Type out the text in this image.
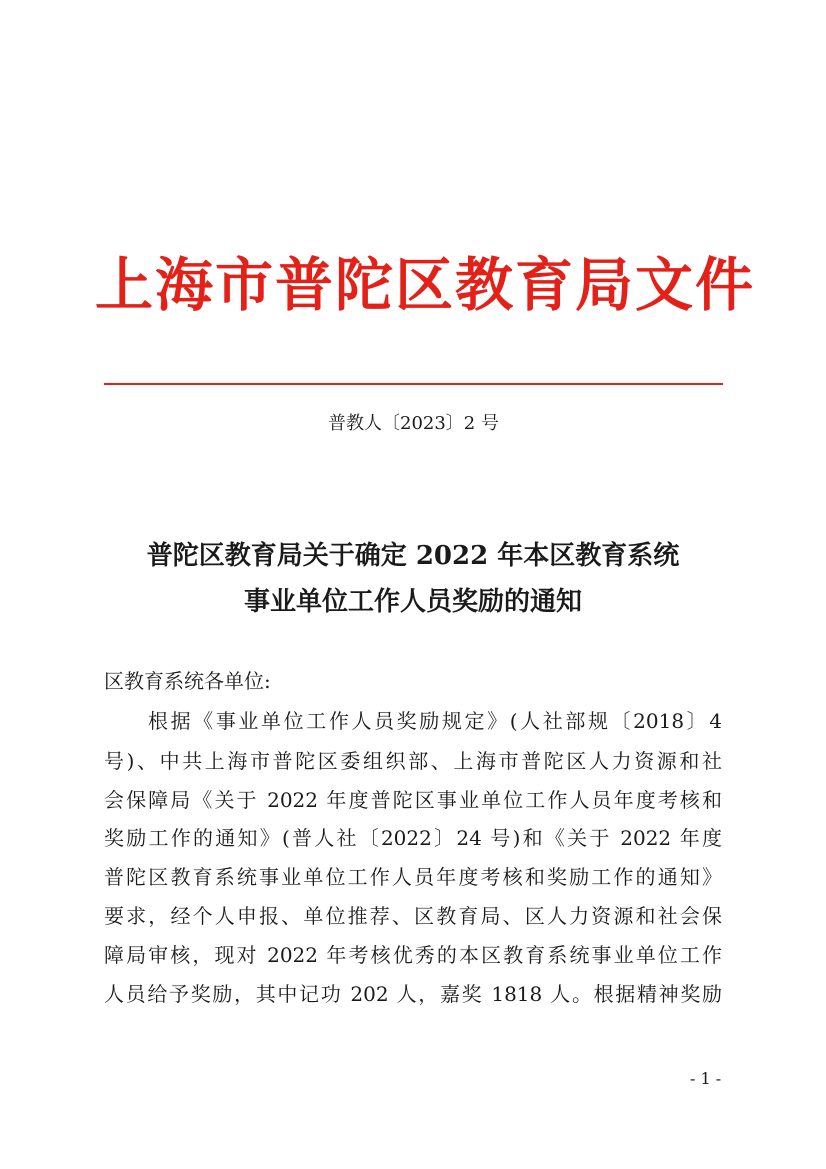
上海市普陀区教育局文件
普教人〔2023〕2 号
普陀区教育局关于确定 2022 年本区教育系统
事业单位工作人员奖励的通知
区教育系统各单位:

根据《事业单位工作人员奖励规定》(人社部规〔2018〕4

号)、中共上海市普陀区委组织部、上海市普陀区人力资源和社

会保障局《关于 2022 年度普陀区事业单位工作人员年度考核和

奖励工作的通知》(普人社〔2022〕24 号)和《关于 2022 年度

普陀区教育系统事业单位工作人员年度考核和奖励工作的通知》

要求，经个人申报、单位推荐、区教育局、区人力资源和社会保

障局审核，现对 2022 年考核优秀的本区教育系统事业单位工作

人员给予奖励，其中记功 202 人，嘉奖 1818 人。根据精神奖励

- 1 -
